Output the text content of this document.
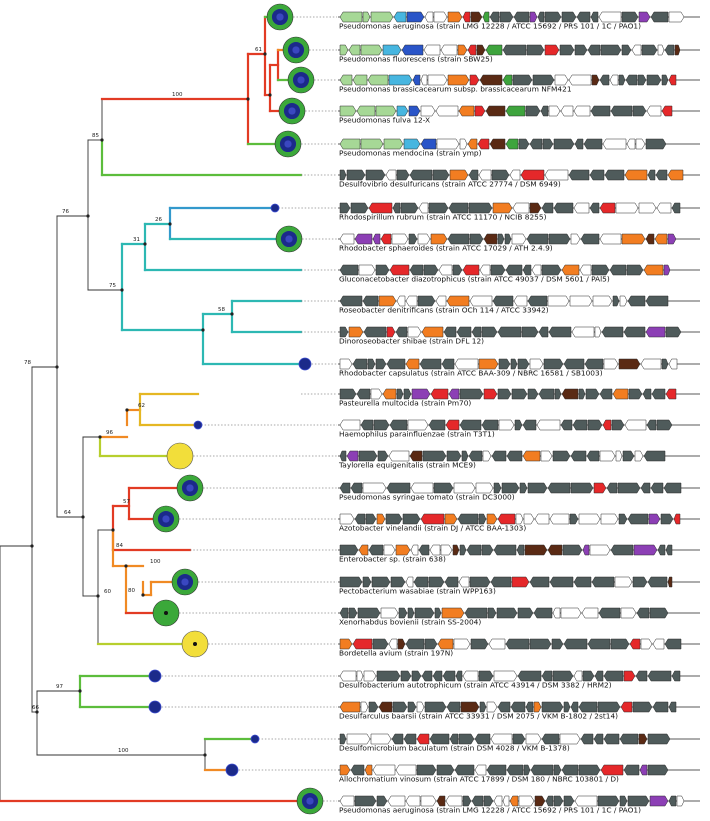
100
85
61
76
26
31
75
58
78
62
96
57
64
84
100
80
60
97
66
100
Pseudomonas aeruginosa (strain LMG 12228 / ATCC 15692 / PRS 101 / 1C / PAO1)
Pseudomonas fluorescens (strain SBW25)
Pseudomonas brassicacearum subsp. brassicacearum NFM421
Pseudomonas fulva 12-X
Pseudomonas mendocina (strain ymp)
Desulfovibrio desulfuricans (strain ATCC 27774 / DSM 6949)
Rhodospirillum rubrum (strain ATCC 11170 / NCIB 8255)
Rhodobacter sphaeroides (strain ATCC 17029 / ATH 2.4.9)
Gluconacetobacter diazotrophicus (strain ATCC 49037 / DSM 5601 / PAl5)
Roseobacter denitrificans (strain OCh 114 / ATCC 33942)
Dinoroseobacter shibae (strain DFL 12)
Rhodobacter capsulatus (strain ATCC BAA-309 / NBRC 16581 / SB1003)
Pasteurella multocida (strain Pm70)
Haemophilus parainfluenzae (strain T3T1)
Taylorella equigenitalis (strain MCE9)
Pseudomonas syringae tomato (strain DC3000)
Azotobacter vinelandii (strain DJ / ATCC BAA-1303)
Enterobacter sp. (strain 638)
Pectobacterium wasabiae (strain WPP163)
Xenorhabdus bovienii (strain SS-2004)
Bordetella avium (strain 197N)
Desulfobacterium autotrophicum (strain ATCC 43914 / DSM 3382 / HRM2)
Desulfarculus baarsii (strain ATCC 33931 / DSM 2075 / VKM B-1802 / 2st14)
Desulfomicrobium baculatum (strain DSM 4028 / VKM B-1378)
Allochromatium vinosum (strain ATCC 17899 / DSM 180 / NBRC 103801 / D)
Pseudomonas aeruginosa (strain LMG 12228 / ATCC 15692 / PRS 101 / 1C / PAO1)
